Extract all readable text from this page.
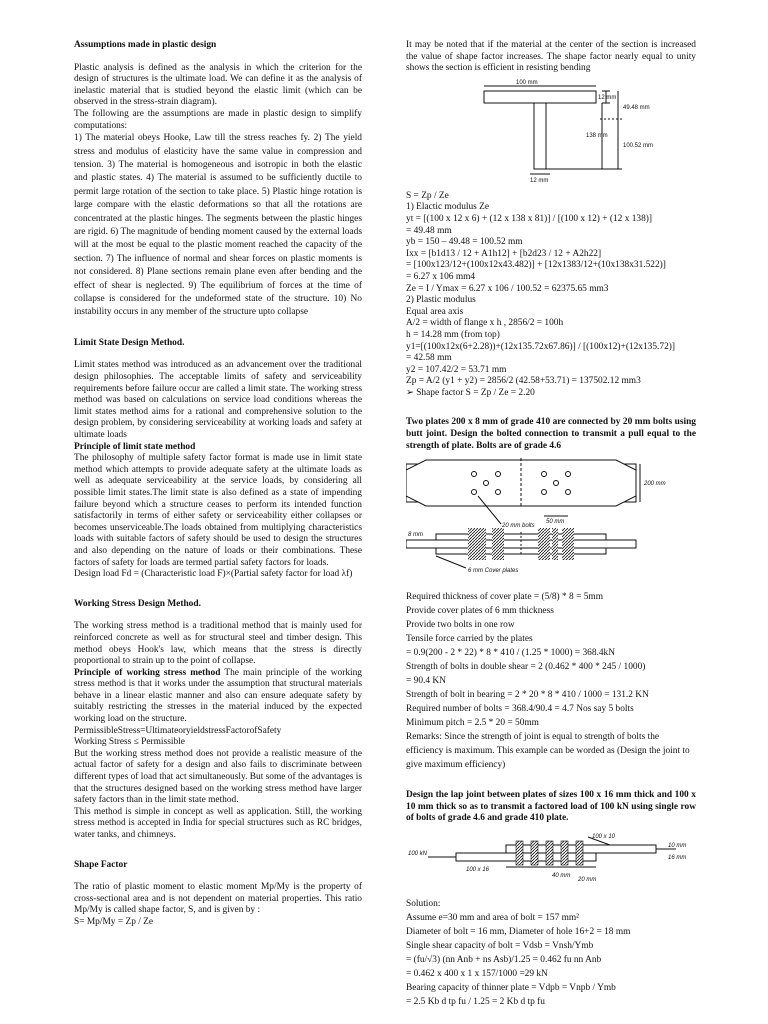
Assumptions made in plastic design

Plastic analysis is defined as the analysis in which the criterion for the design of structures is the ultimate load. We can define it as the analysis of inelastic material that is studied beyond the elastic limit (which can be observed in the stress-strain diagram).

The following are the assumptions are made in plastic design to simplify computations:

1) The material obeys Hooke, Law till the stress reaches fy. 2) The yield stress and modulus of elasticity have the same value in compression and tension. 3) The material is homogeneous and isotropic in both the elastic and plastic states. 4) The material is assumed to be sufficiently ductile to permit large rotation of the section to take place. 5) Plastic hinge rotation is large compare with the elastic deformations so that all the rotations are concentrated at the plastic hinges. The segments between the plastic hinges are rigid. 6) The magnitude of bending moment caused by the external loads will at the most be equal to the plastic moment reached the capacity of the section. 7) The influence of normal and shear forces on plastic moments is not considered. 8) Plane sections remain plane even after bending and the effect of shear is neglected. 9) The equilibrium of forces at the time of collapse is considered for the undeformed state of the structure. 10) No instability occurs in any member of the structure upto collapse

Limit State Design Method.

Limit states method was introduced as an advancement over the traditional design philosophies. The acceptable limits of safety and serviceability requirements before failure occur are called a limit state. The working stress method was based on calculations on service load conditions whereas the limit states method aims for a rational and comprehensive solution to the design problem, by considering serviceability at working loads and safety at ultimate loads

Principle of limit state method

The philosophy of multiple safety factor format is made use in limit state method which attempts to provide adequate safety at the ultimate loads as well as adequate serviceability at the service loads, by considering all possible limit states.The limit state is also defined as a state of impending failure beyond which a structure ceases to perform its intended function satisfactorily in terms of either safety or serviceability either collapses or becomes unserviceable.The loads obtained from multiplying characteristics loads with suitable factors of safety should be used to design the structures and also depending on the nature of loads or their combinations. These factors of safety for loads are termed partial safety factors for loads.

Design load Fd = (Characteristic load F)×(Partial safety factor for load λf)

Working Stress Design Method.

The working stress method is a traditional method that is mainly used for reinforced concrete as well as for structural steel and timber design. This method obeys Hook's law, which means that the stress is directly proportional to strain up to the point of collapse.

Principle of working stress method The main principle of the working stress method is that it works under the assumption that structural materials behave in a linear elastic manner and also can ensure adequate safety by suitably restricting the stresses in the material induced by the expected working load on the structure.

PermissibleStress=UltimateoryieldstressFactorofSafety

Working Stress ≤ Permissible

But the working stress method does not provide a realistic measure of the actual factor of safety for a design and also fails to discriminate between different types of load that act simultaneously. But some of the advantages is that the structures designed based on the working stress method have larger safety factors than in the limit state method.

This method is simple in concept as well as application. Still, the working stress method is accepted in India for special structures such as RC bridges, water tanks, and chimneys.

Shape Factor

The ratio of plastic moment to elastic moment Mp/My is the property of cross-sectional area and is not dependent on material properties. This ratio Mp/My is called shape factor, S, and is given by :

S= Mp/My = Zp / Ze

It may be noted that if the material at the center of the section is increased the value of shape factor increases. The shape factor nearly equal to unity shows the section is efficient in resisting bending

100 mm
12 mm
49.48 mm
138 mm
100.52 mm
12 mm

S = Zp / Ze

1) Elactic modulus Ze

yt = [(100 x 12 x 6) + (12 x 138 x 81)] / [(100 x 12) + (12 x 138)]

= 49.48 mm

yb = 150 – 49.48 = 100.52 mm

Ixx = [b1d13 / 12 + A1h12] + [b2d23 / 12 + A2h22]

= [100x123/12+(100x12x43.482)] + [12x1383/12+(10x138x31.522)]

= 6.27 x 106 mm4

Ze = I / Ymax = 6.27 x 106 / 100.52 = 62375.65 mm3

2) Plastic modulus

Equal area axis

A/2 = width of flange x h , 2856/2 = 100h

h = 14.28 mm (from top)

y1=[(100x12x(6+2.28))+(12x135.72x67.86)] / [(100x12)+(12x135.72)]

= 42.58 mm

y2 = 107.42/2 = 53.71 mm

Zp = A/2 (y1 + y2) = 2856/2 (42.58+53.71) = 137502.12 mm3

➢ Shape factor S = Zp / Ze = 2.20

Two plates 200 x 8 mm of grade 410 are connected by 20 mm bolts using butt joint. Design the bolted connection to transmit a pull equal to the strength of plate. Bolts are of grade 4.6

200 mm
50 mm
20 mm bolts
8 mm
6 mm Cover plates

Required thickness of cover plate = (5/8) * 8 = 5mm

Provide cover plates of 6 mm thickness

Provide two bolts in one row

Tensile force carried by the plates

= 0.9(200 - 2 * 22) * 8 * 410 / (1.25 * 1000) = 368.4kN

Strength of bolts in double shear = 2 (0.462 * 400 * 245 / 1000)

= 90.4 KN

Strength of bolt in bearing = 2 * 20 * 8 * 410 / 1000 = 131.2 KN

Required number of bolts = 368.4/90.4 = 4.7 Nos say 5 bolts

Minimum pitch = 2.5 * 20 = 50mm

Remarks: Since the strength of joint is equal to strength of bolts the efficiency is maximum. This example can be worded as (Design the joint to give maximum efficiency)

Design the lap joint between plates of sizes 100 x 16 mm thick and 100 x 10 mm thick so as to transmit a factored load of 100 kN using single row of bolts of grade 4.6 and grade 410 plate.

100 x 10
100 kN
10 mm
16 mm
100 x 16
40 mm
20 mm

Solution:

Assume e=30 mm and area of bolt = 157 mm²

Diameter of bolt = 16 mm, Diameter of hole 16+2 = 18 mm

Single shear capacity of bolt = Vdsb = Vnsh/Ymb

= (fu/√3) (nn Anb + ns Asb)/1.25 = 0.462 fu nn Anb

= 0.462 x 400 x 1 x 157/1000 =29 kN

Bearing capacity of thinner plate = Vdpb = Vnpb / Ymb

= 2.5 Kb d tp fu / 1.25 = 2 Kb d tp fu
